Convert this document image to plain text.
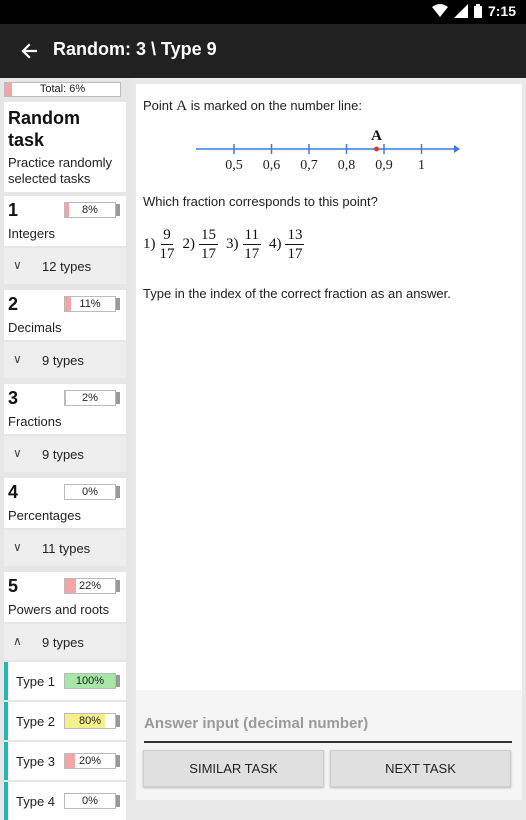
7:15
Random: 3 \ Type 9
Total: 6%
Random
task
Practice randomly
selected tasks
1
Integers
8%
∨ 12 types
2
Decimals
11%
∨ 9 types
3
Fractions
2%
∨ 9 types
4
Percentages
0%
∨ 11 types
5
Powers and roots
22%
∧ 9 types
Type 1	100%
Type 2	80%
Type 3	20%
Type 4	0%
Point A is marked on the number line:
0,5 0,6 0,7 0,8 0,9 1
A
Which fraction corresponds to this point?
$1) \frac{9}{17} 2) \frac{15}{17} 3) \frac{11}{17} 4) \frac{13}{17}$
Type in the index of the correct fraction as an answer.
Answer input (decimal number)
SIMILAR TASK	NEXT TASK
